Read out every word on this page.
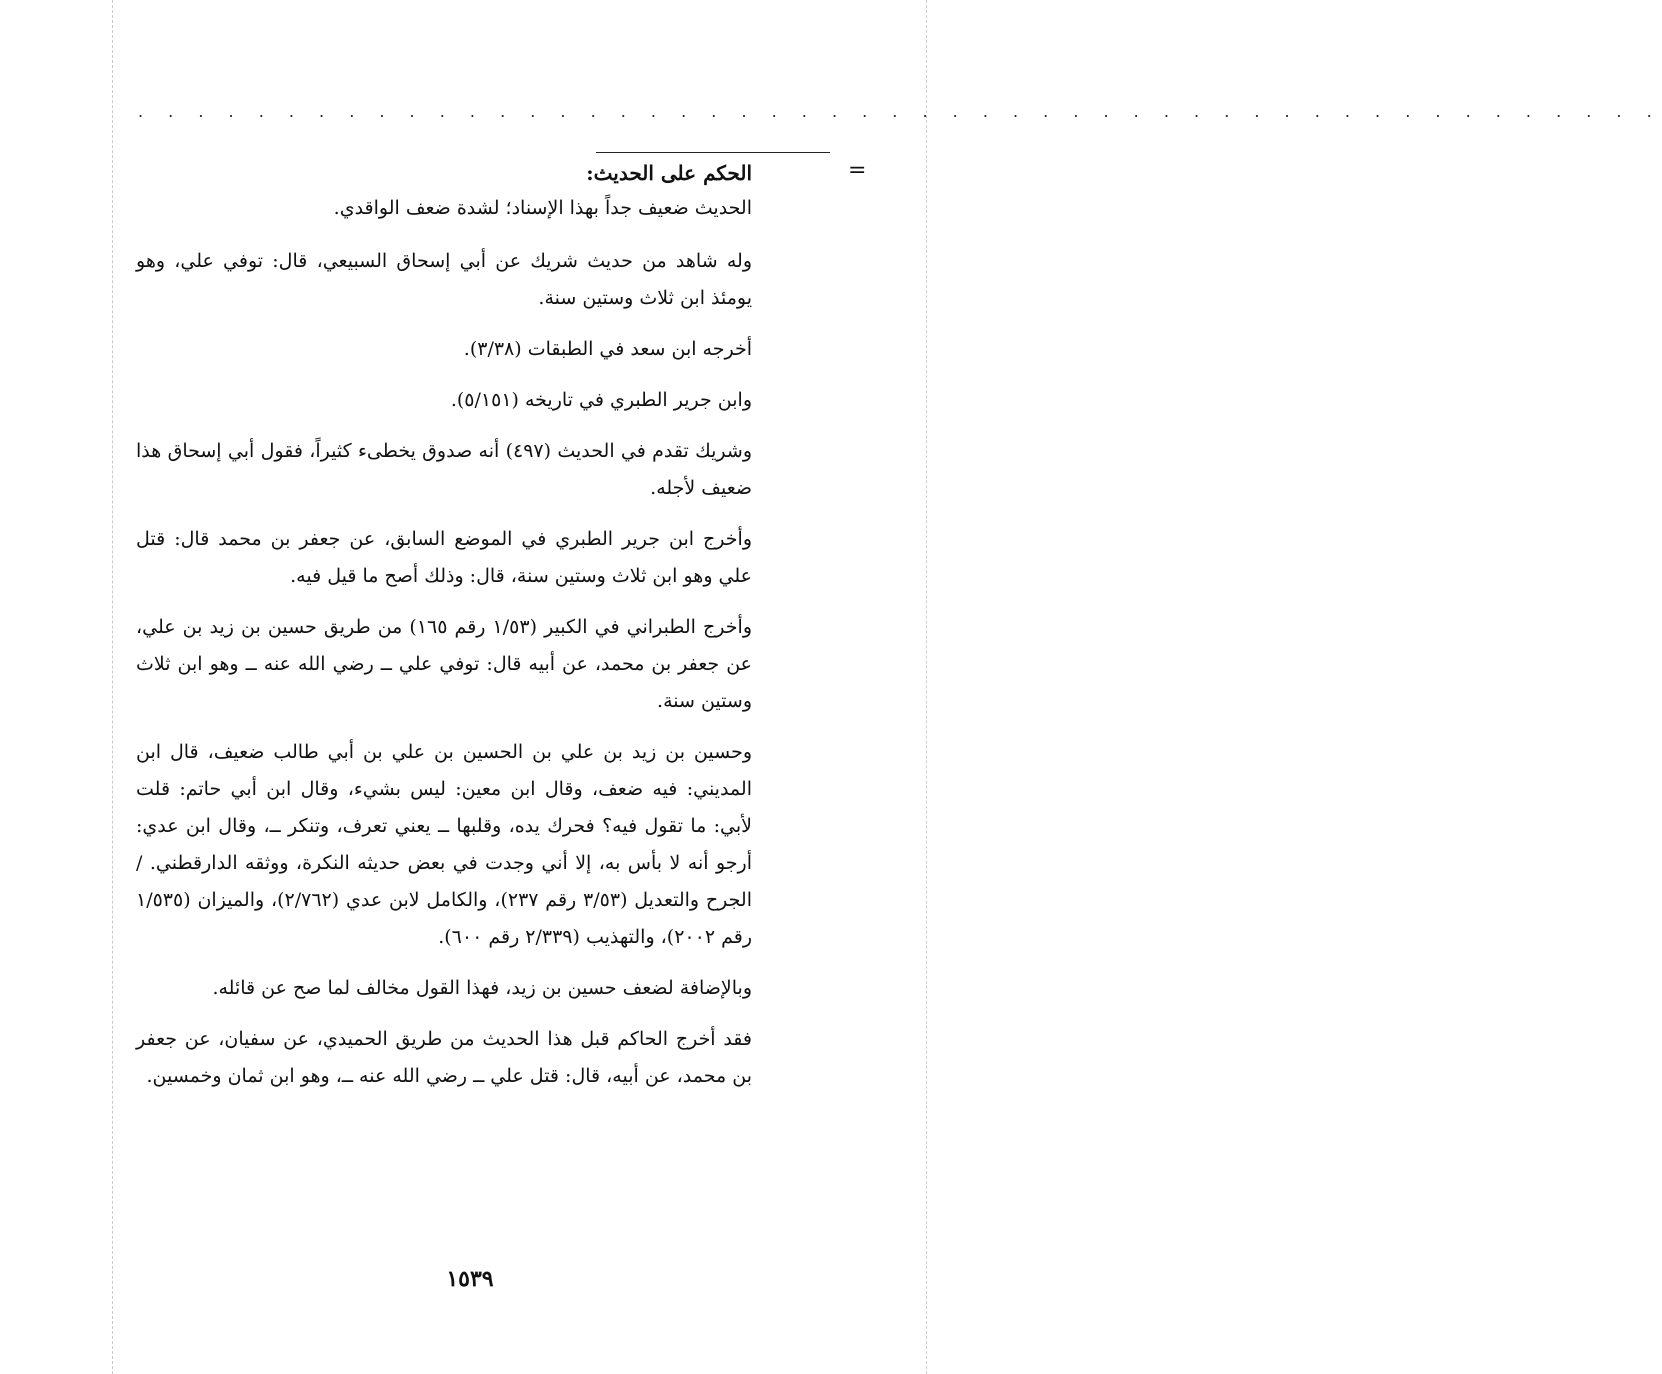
. . . . . . . . . . . . . . . . . . . . . . . . . . . . . . . . . . . . . . . . . . . . . . . . . . .
=

الحكم على الحديث:

الحديث ضعيف جداً بهذا الإسناد؛ لشدة ضعف الواقدي.

وله شاهد من حديث شريك عن أبي إسحاق السبيعي، قال: توفي علي، وهو يومئذ ابن ثلاث وستين سنة.

أخرجه ابن سعد في الطبقات (٣/٣٨).

وابن جرير الطبري في تاريخه (٥/١٥١).

وشريك تقدم في الحديث (٤٩٧) أنه صدوق يخطىء كثيراً، فقول أبي إسحاق هذا ضعيف لأجله.

وأخرج ابن جرير الطبري في الموضع السابق، عن جعفر بن محمد قال: قتل علي وهو ابن ثلاث وستين سنة، قال: وذلك أصح ما قيل فيه.

وأخرج الطبراني في الكبير (١/٥٣ رقم ١٦٥) من طريق حسين بن زيد بن علي، عن جعفر بن محمد، عن أبيه قال: توفي علي ــ رضي الله عنه ــ وهو ابن ثلاث وستين سنة.

وحسين بن زيد بن علي بن الحسين بن علي بن أبي طالب ضعيف، قال ابن المديني: فيه ضعف، وقال ابن معين: ليس بشيء، وقال ابن أبي حاتم: قلت لأبي: ما تقول فيه؟ فحرك يده، وقلبها ــ يعني تعرف، وتنكر ــ، وقال ابن عدي: أرجو أنه لا بأس به، إلا أني وجدت في بعض حديثه النكرة، ووثقه الدارقطني. / الجرح والتعديل (٣/٥٣ رقم ٢٣٧)، والكامل لابن عدي (٢/٧٦٢)، والميزان (١/٥٣٥ رقم ٢٠٠٢)، والتهذيب (٢/٣٣٩ رقم ٦٠٠).

وبالإضافة لضعف حسين بن زيد، فهذا القول مخالف لما صح عن قائله.

فقد أخرج الحاكم قبل هذا الحديث من طريق الحميدي، عن سفيان، عن جعفر بن محمد، عن أبيه، قال: قتل علي ــ رضي الله عنه ــ، وهو ابن ثمان وخمسين.

١٥٣٩
